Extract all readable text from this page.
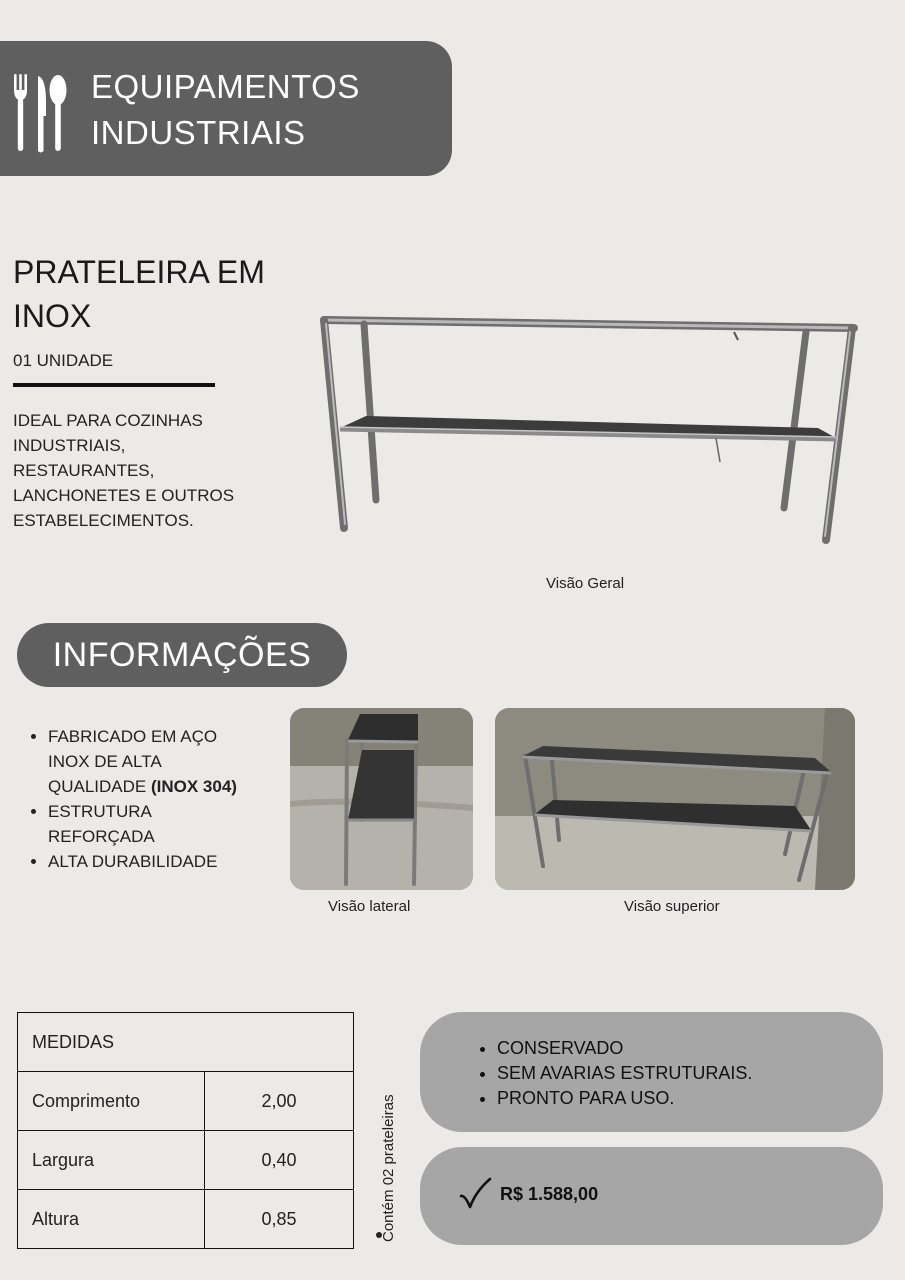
EQUIPAMENTOS
INDUSTRIAIS
PRATELEIRA EM
INOX
01 UNIDADE
IDEAL PARA COZINHAS
INDUSTRIAIS,
RESTAURANTES,
LANCHONETES E OUTROS
ESTABELECIMENTOS.
Visão Geral
INFORMAÇÕES
• FABRICADO EM AÇO
INOX DE ALTA
QUALIDADE (INOX 304)
• ESTRUTURA
REFORÇADA
• ALTA DURABILIDADE
Visão lateral	Visão superior
MEDIDAS	
Comprimento	2,00
Largura	0,40
Altura	0,85	Contém 02 prateleiras
• CONSERVADO
• SEM AVARIAS ESTRUTURAIS.
• PRONTO PARA USO.
R$ 1.588,00
